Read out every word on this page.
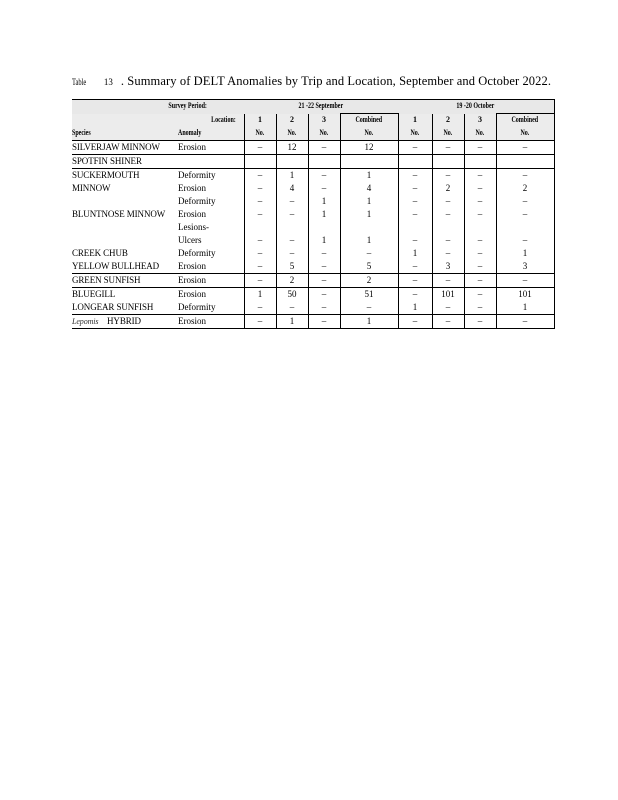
Table 13 . Summary of DELT Anomalies by Trip and Location, September and October 2022.
Survey Period:		21 -22 September				19 -20 October			
	Location:	1	2	3	Combined	1	2	3	Combined
Species	Anomaly	No.	No.	No.	No.	No.	No.	No.	No.
SILVERJAW MINNOW	Erosion	–	12	–	12	–	–	–	–
SPOTFIN SHINER									
SUCKERMOUTH	Deformity	–	1	–	1	–	–	–	–
MINNOW	Erosion	–	4	–	4	–	2	–	2
	Deformity	–	–	1	1	–	–	–	–
BLUNTNOSE MINNOW	Erosion	–	–	1	1	–	–	–	–
	Lesions-								
	Ulcers	–	–	1	1	–	–	–	–
CREEK CHUB	Deformity	–	–	–	–	1	–	–	1
YELLOW BULLHEAD	Erosion	–	5	–	5	–	3	–	3
GREEN SUNFISH	Erosion	–	2	–	2	–	–	–	–
BLUEGILL	Erosion	1	50	–	51	–	101	–	101
LONGEAR SUNFISH	Deformity	–	–	–	–	1	–	–	1
Lepomis HYBRID	Erosion	–	1	–	1	–	–	–	–
